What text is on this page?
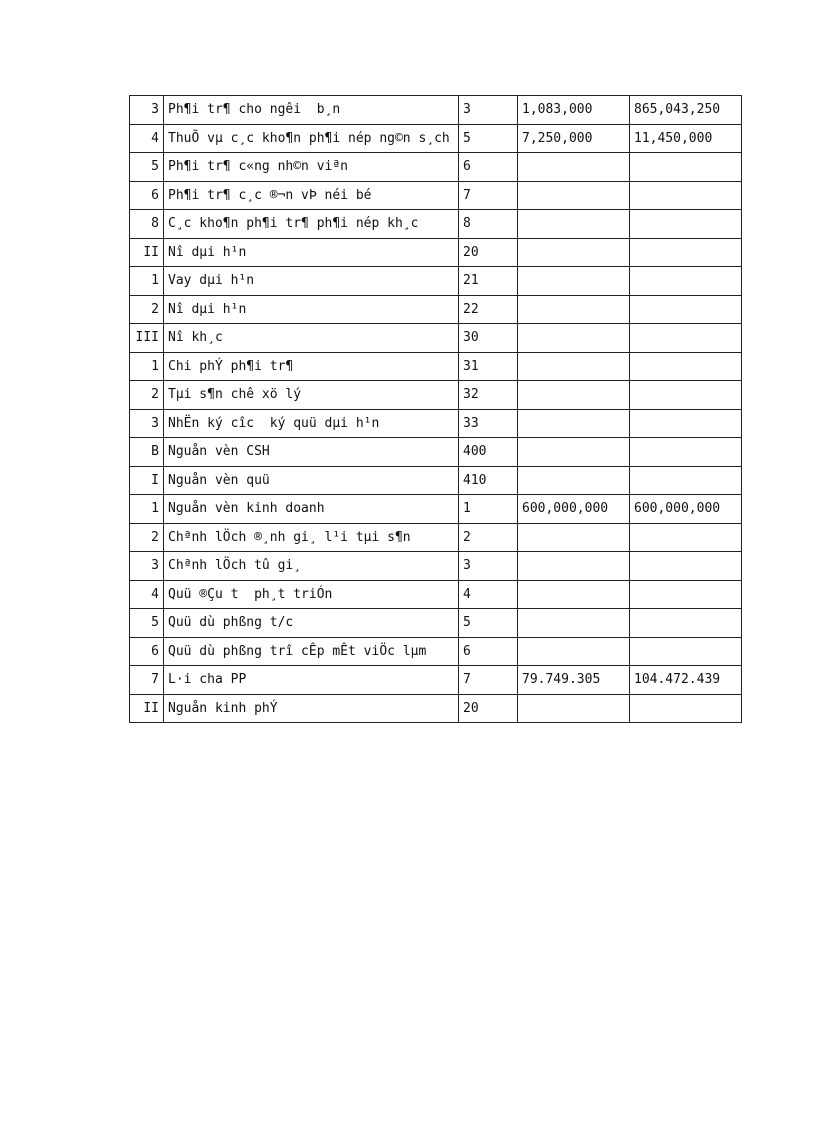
3	Ph¶i tr¶ cho ngêi  b¸n	3	1,083,000	865,043,250
4	ThuÕ vµ c¸c kho¶n ph¶i nép ng©n s¸ch	5	7,250,000	11,450,000
5	Ph¶i tr¶ c«ng nh©n viªn	6		
6	Ph¶i tr¶ c¸c ®¬n vÞ néi bé	7		
8	C¸c kho¶n ph¶i tr¶ ph¶i nép kh¸c	8		
II	Nî dµi h¹n	20		
1	Vay dµi h¹n	21		
2	Nî dµi h¹n	22		
III	Nî kh¸c	30		
1	Chi phÝ ph¶i tr¶	31		
2	Tµi s¶n chê xö lý	32		
3	NhËn ký cîc  ký quü dµi h¹n	33		
B	Nguån vèn CSH	400		
I	Nguån vèn quü	410		
1	Nguån vèn kinh doanh	1	600,000,000	600,000,000
2	Chªnh lÖch ®¸nh gi¸ l¹i tµi s¶n	2		
3	Chªnh lÖch tû gi¸	3		
4	Quü ®Çu t  ph¸t triÓn	4		
5	Quü dù phßng t/c	5		
6	Quü dù phßng trî cÊp mÊt viÖc lµm	6		
7	L·i cha PP	7	79.749.305	104.472.439
II	Nguån kinh phÝ	20		
